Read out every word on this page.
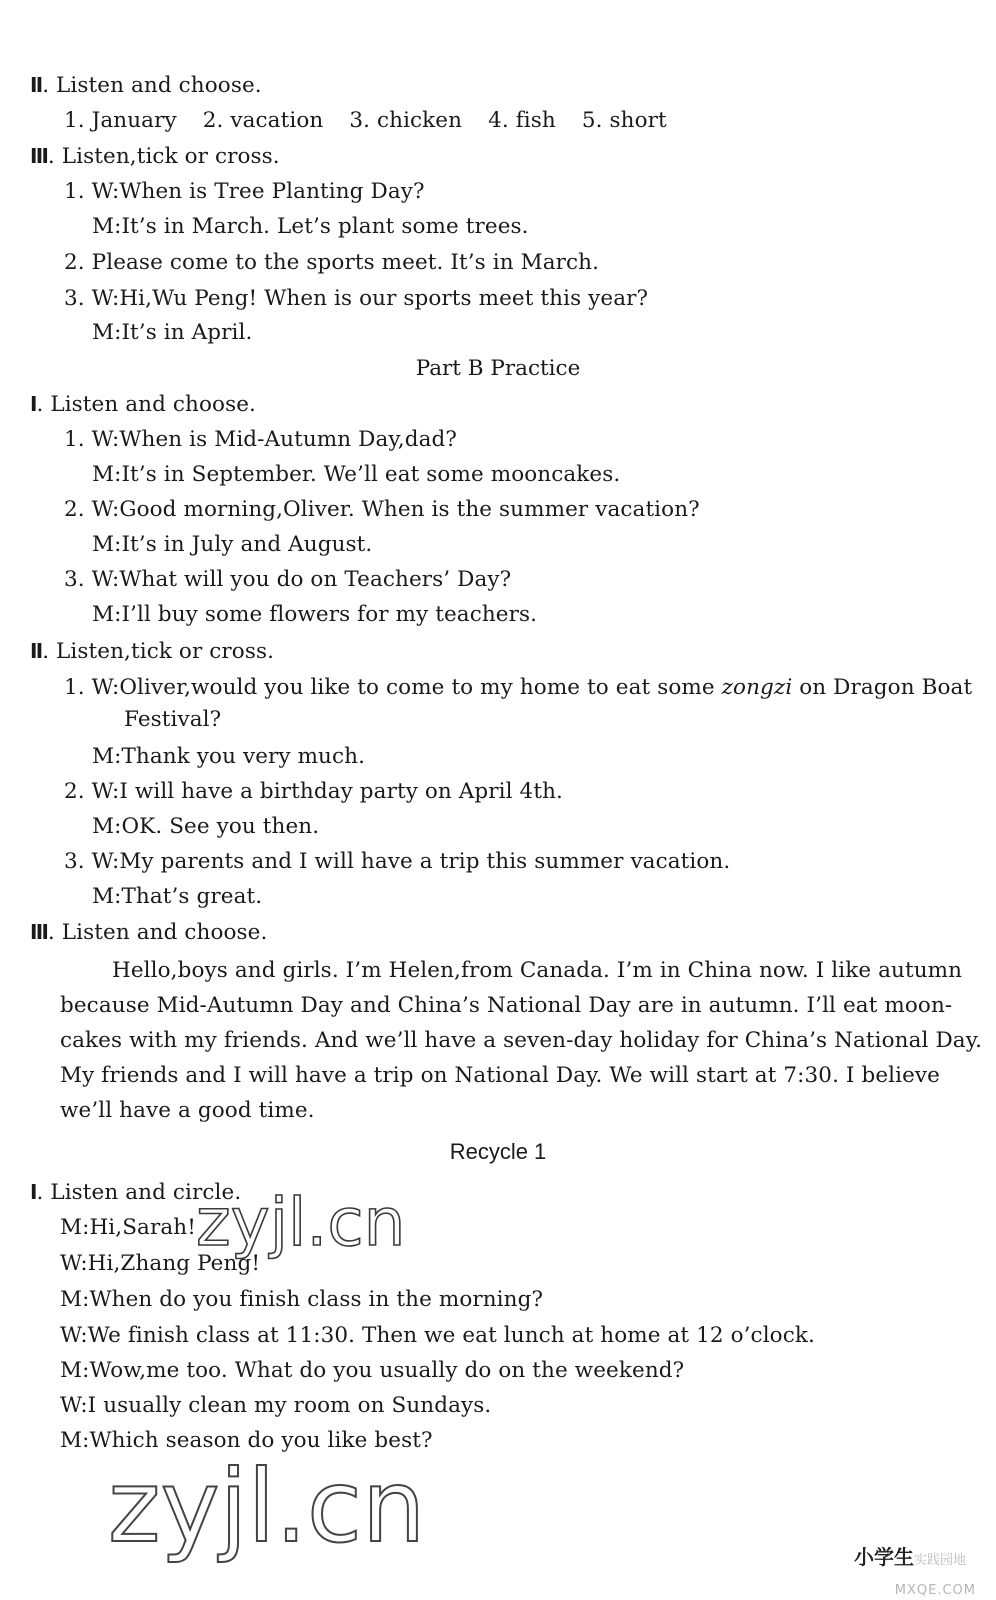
Ⅱ. Listen and choose.
1. January 2. vacation 3. chicken 4. fish 5. short
Ⅲ. Listen,tick or cross.
1. W:When is Tree Planting Day?
M:It’s in March. Let’s plant some trees.
2. Please come to the sports meet. It’s in March.
3. W:Hi,Wu Peng! When is our sports meet this year?
M:It’s in April.
Part B Practice
Ⅰ. Listen and choose.
1. W:When is Mid-Autumn Day,dad?
M:It’s in September. We’ll eat some mooncakes.
2. W:Good morning,Oliver. When is the summer vacation?
M:It’s in July and August.
3. W:What will you do on Teachers’ Day?
M:I’ll buy some flowers for my teachers.
Ⅱ. Listen,tick or cross.
1. W:Oliver,would you like to come to my home to eat some zongzi on Dragon Boat
Festival?
M:Thank you very much.
2. W:I will have a birthday party on April 4th.
M:OK. See you then.
3. W:My parents and I will have a trip this summer vacation.
M:That’s great.
Ⅲ. Listen and choose.
Hello,boys and girls. I’m Helen,from Canada. I’m in China now. I like autumn
because Mid-Autumn Day and China’s National Day are in autumn. I’ll eat moon-
cakes with my friends. And we’ll have a seven-day holiday for China’s National Day.
My friends and I will have a trip on National Day. We will start at 7:30. I believe
we’ll have a good time.
Recycle 1
Ⅰ. Listen and circle.
M:Hi,Sarah!
W:Hi,Zhang Peng!
M:When do you finish class in the morning?
W:We finish class at 11:30. Then we eat lunch at home at 12 o’clock.
M:Wow,me too. What do you usually do on the weekend?
W:I usually clean my room on Sundays.
M:Which season do you like best?
zyjl.cn
zyjl.cn	小学生实践园地
MXQE.COM
